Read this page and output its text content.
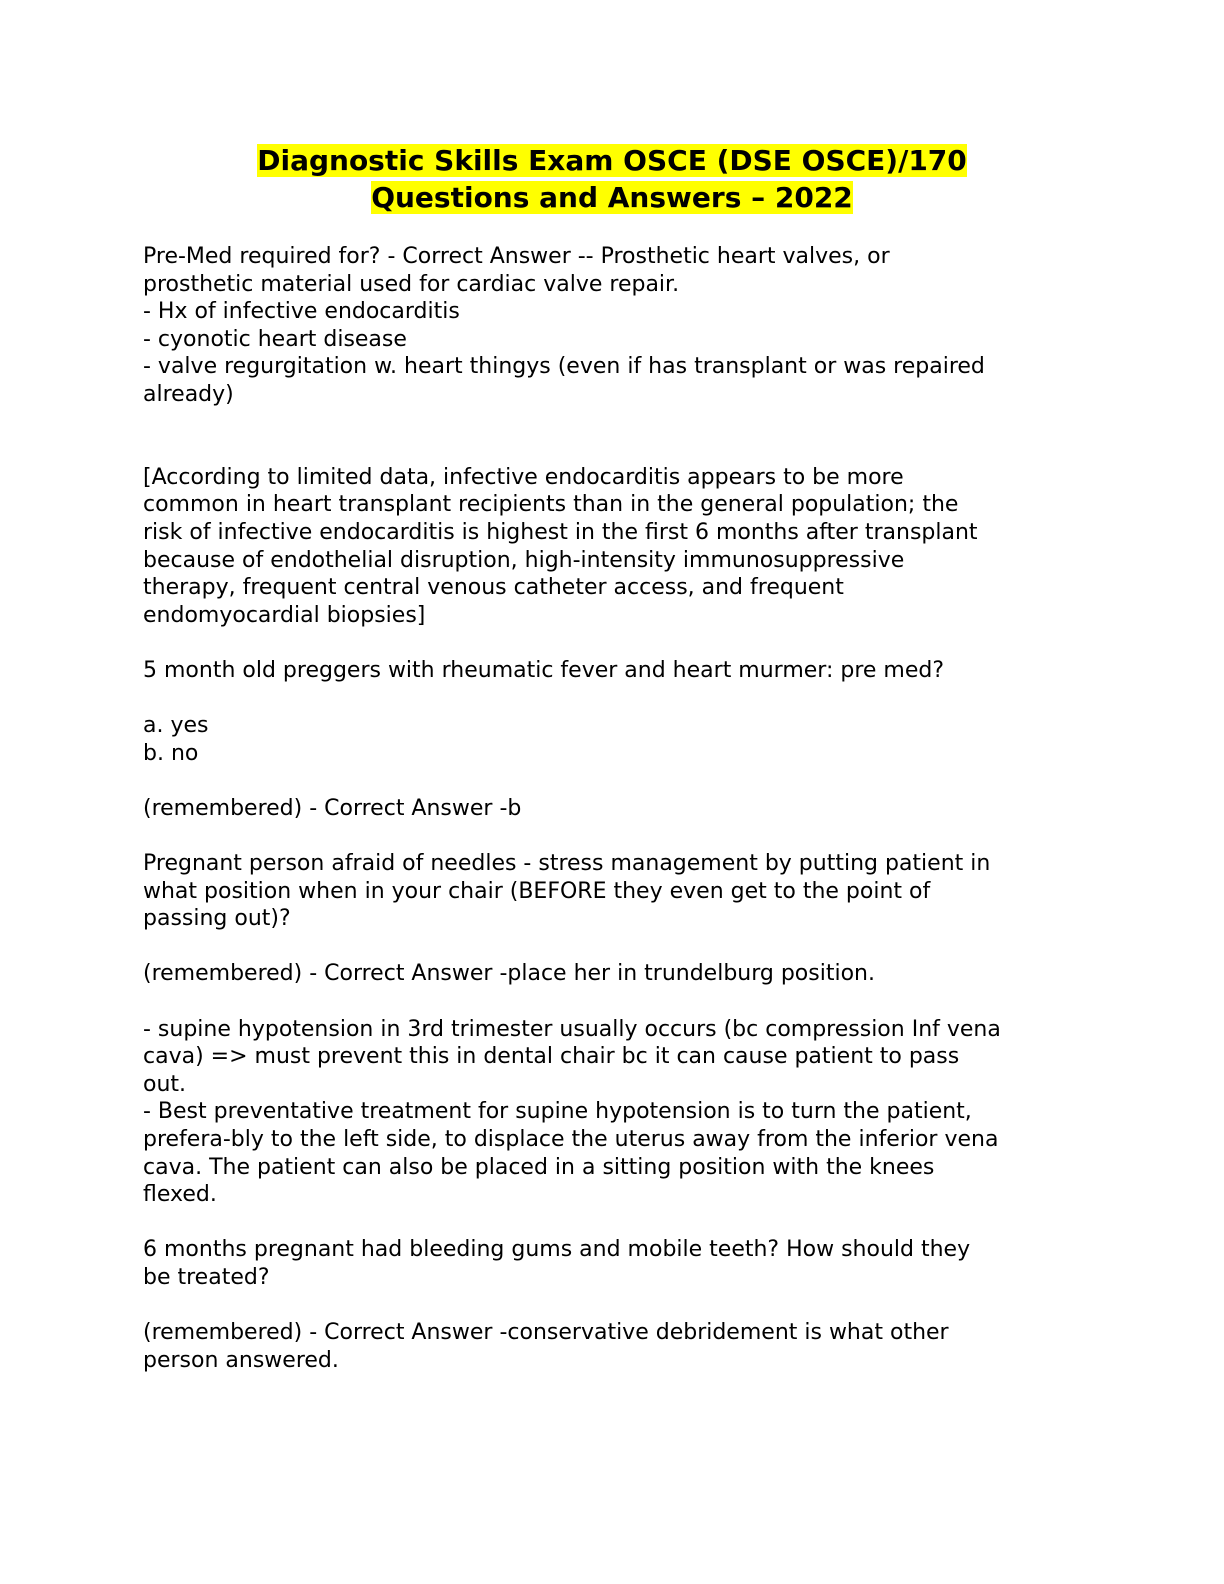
Diagnostic Skills Exam OSCE (DSE OSCE)/170
Questions and Answers – 2022
Pre-Med required for? - Correct Answer -- Prosthetic heart valves, or
prosthetic material used for cardiac valve repair.
- Hx of infective endocarditis
- cyonotic heart disease
- valve regurgitation w. heart thingys (even if has transplant or was repaired
already)
[According to limited data, infective endocarditis appears to be more
common in heart transplant recipients than in the general population; the
risk of infective endocarditis is highest in the first 6 months after transplant
because of endothelial disruption, high-intensity immunosuppressive
therapy, frequent central venous catheter access, and frequent
endomyocardial biopsies]
5 month old preggers with rheumatic fever and heart murmer: pre med?
a. yes
b. no
(remembered) - Correct Answer -b
Pregnant person afraid of needles - stress management by putting patient in
what position when in your chair (BEFORE they even get to the point of
passing out)?
(remembered) - Correct Answer -place her in trundelburg position.
- supine hypotension in 3rd trimester usually occurs (bc compression Inf vena
cava) => must prevent this in dental chair bc it can cause patient to pass
out.
- Best preventative treatment for supine hypotension is to turn the patient,
prefera-bly to the left side, to displace the uterus away from the inferior vena
cava. The patient can also be placed in a sitting position with the knees
flexed.
6 months pregnant had bleeding gums and mobile teeth? How should they
be treated?
(remembered) - Correct Answer -conservative debridement is what other
person answered.
